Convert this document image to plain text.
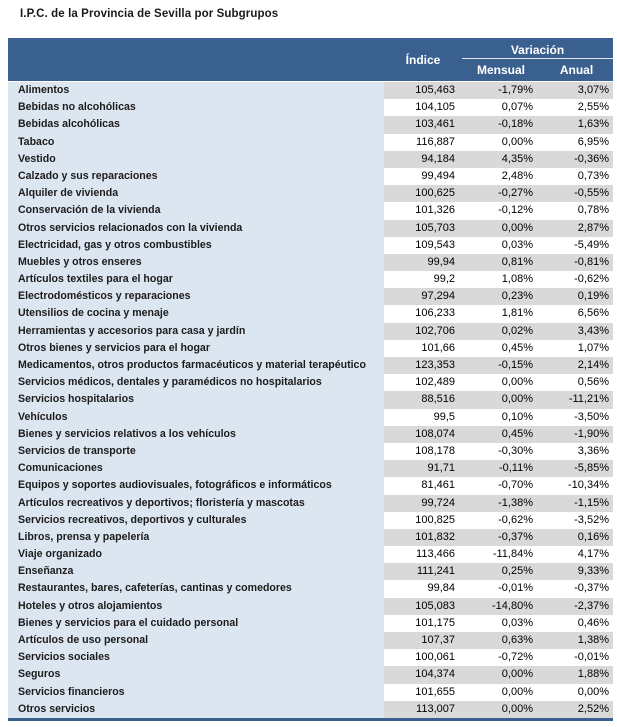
I.P.C. de la Provincia de Sevilla por Subgrupos
Índice
Variación
Mensual	Anual
Alimentos	105,463	-1,79%	3,07%
Bebidas no alcohólicas	104,105	0,07%	2,55%
Bebidas alcohólicas	103,461	-0,18%	1,63%
Tabaco	116,887	0,00%	6,95%
Vestido	94,184	4,35%	-0,36%
Calzado y sus reparaciones	99,494	2,48%	0,73%
Alquiler de vivienda	100,625	-0,27%	-0,55%
Conservación de la vivienda	101,326	-0,12%	0,78%
Otros servicios relacionados con la vivienda	105,703	0,00%	2,87%
Electricidad, gas y otros combustibles	109,543	0,03%	-5,49%
Muebles y otros enseres	99,94	0,81%	-0,81%
Artículos textiles para el hogar	99,2	1,08%	-0,62%
Electrodomésticos y reparaciones	97,294	0,23%	0,19%
Utensilios de cocina y menaje	106,233	1,81%	6,56%
Herramientas y accesorios para casa y jardín	102,706	0,02%	3,43%
Otros bienes y servicios para el hogar	101,66	0,45%	1,07%
Medicamentos, otros productos farmacéuticos y material terapéutico	123,353	-0,15%	2,14%
Servicios médicos, dentales y paramédicos no hospitalarios	102,489	0,00%	0,56%
Servicios hospitalarios	88,516	0,00%	-11,21%
Vehículos	99,5	0,10%	-3,50%
Bienes y servicios relativos a los vehículos	108,074	0,45%	-1,90%
Servicios de transporte	108,178	-0,30%	3,36%
Comunicaciones	91,71	-0,11%	-5,85%
Equipos y soportes audiovisuales, fotográficos e informáticos	81,461	-0,70%	-10,34%
Artículos recreativos y deportivos; floristería y mascotas	99,724	-1,38%	-1,15%
Servicios recreativos, deportivos y culturales	100,825	-0,62%	-3,52%
Libros, prensa y papelería	101,832	-0,37%	0,16%
Viaje organizado	113,466	-11,84%	4,17%
Enseñanza	111,241	0,25%	9,33%
Restaurantes, bares, cafeterías, cantinas y comedores	99,84	-0,01%	-0,37%
Hoteles y otros alojamientos	105,083	-14,80%	-2,37%
Bienes y servicios para el cuidado personal	101,175	0,03%	0,46%
Artículos de uso personal	107,37	0,63%	1,38%
Servicios sociales	100,061	-0,72%	-0,01%
Seguros	104,374	0,00%	1,88%
Servicios financieros	101,655	0,00%	0,00%
Otros servicios	113,007	0,00%	2,52%
